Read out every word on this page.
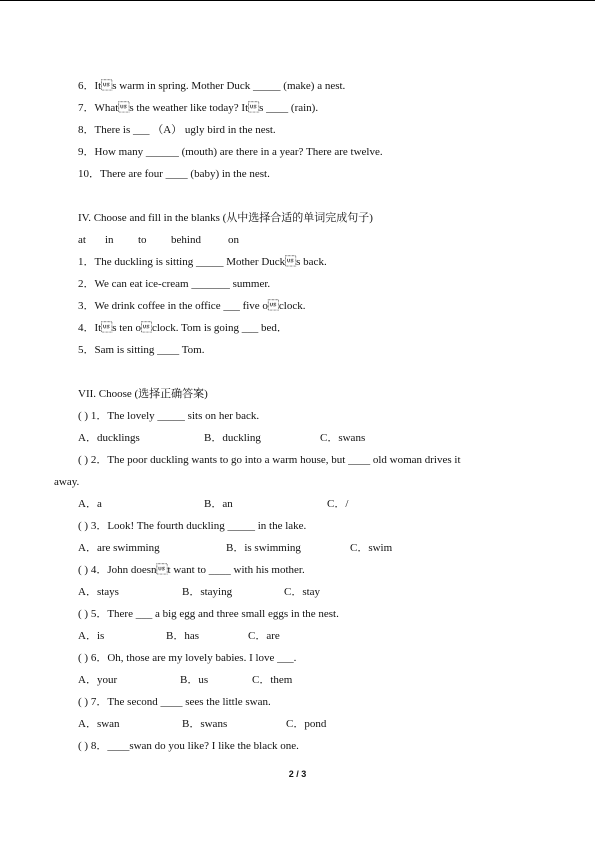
6．Its warm in spring. Mother Duck _____ (make) a nest.
7．Whats the weather like today? Its ____ (rain).
8．There is ___ （A） ugly bird in the nest.
9．How many ______ (mouth) are there in a year? There are twelve.
10．There are four ____ (baby) in the nest.
IV. Choose and fill in the blanks (从中选择合适的单词完成句子)
at in to behind on
1．The duckling is sitting _____ Mother Ducks back.
2．We can eat ice-cream _______ summer.
3．We drink coffee in the office ___ five oclock.
4．Its ten oclock. Tom is going ___ bed．
5．Sam is sitting ____ Tom.
VII. Choose (选择正确答案)
( ) 1．The lovely _____ sits on her back.
A．ducklings	B．duckling	C．swans
( ) 2．The poor duckling wants to go into a warm house, but ____ old woman drives it
away.
A．a	B．an	C．/
( ) 3．Look! The fourth duckling _____ in the lake.
A．are swimming	B．is swimming	C．swim
( ) 4．John doesnt want to ____ with his mother.
A．stays	B．staying	C．stay
( ) 5．There ___ a big egg and three small eggs in the nest.
A．is	B．has	C．are
( ) 6．Oh, those are my lovely babies. I love ___.
A．your	B．us	C．them
( ) 7．The second ____ sees the little swan.
A．swan	B．swans	C．pond
( ) 8．____swan do you like? I like the black one.
2 / 3
